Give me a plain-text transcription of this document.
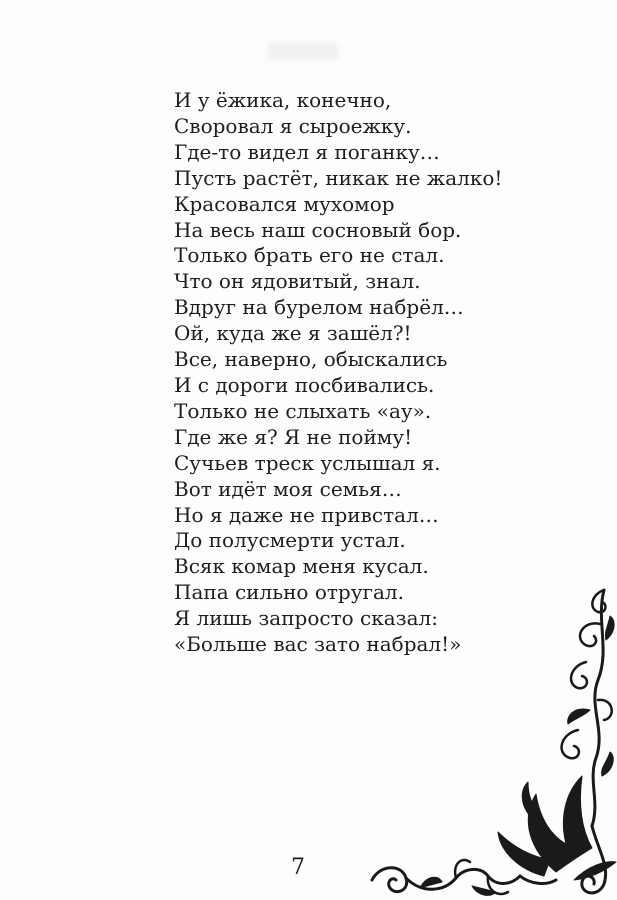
И у ёжика, конечно,
Своровал я сыроежку.
Где-то видел я поганку…
Пусть растёт, никак не жалко!
Красовался мухомор
На весь наш сосновый бор.
Только брать его не стал.
Что он ядовитый, знал.
Вдруг на бурелом набрёл…
Ой, куда же я зашёл?!
Все, наверно, обыскались
И с дороги посбивались.
Только не слыхать «ау».
Где же я? Я не пойму!
Сучьев треск услышал я.
Вот идёт моя семья…
Но я даже не привстал…
До полусмерти устал.
Всяк комар меня кусал.
Папа сильно отругал.
Я лишь запросто сказал:
«Больше вас зато набрал!»
7
